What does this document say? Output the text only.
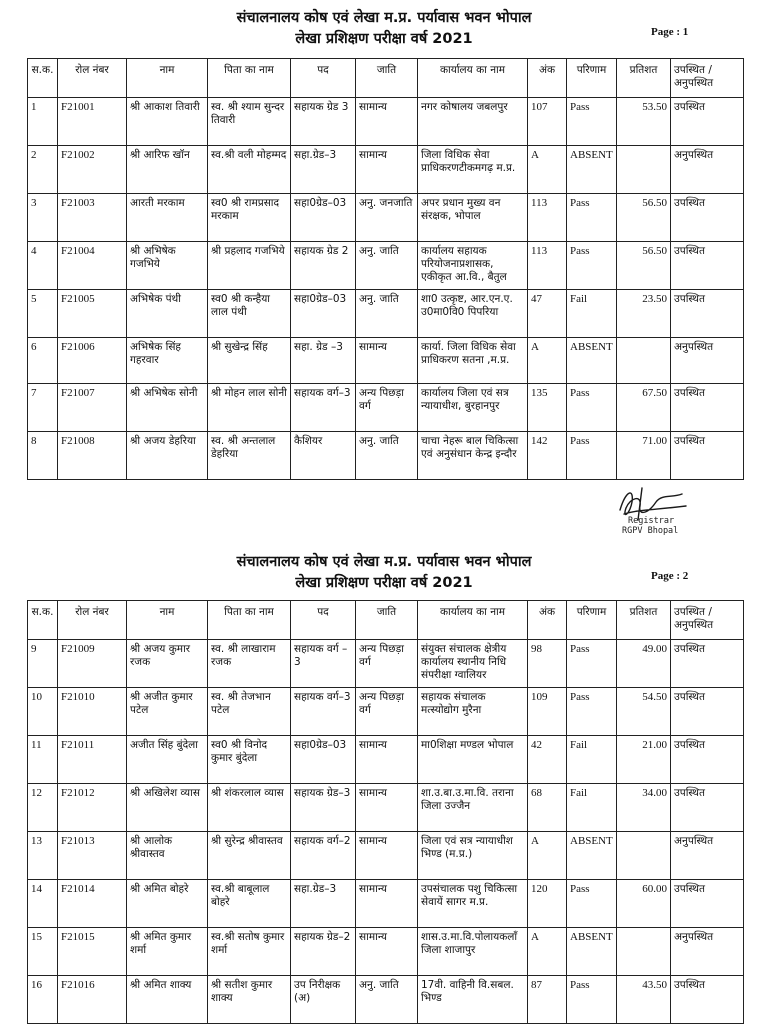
संचालनालय कोष एवं लेखा म.प्र. पर्यावास भवन भोपाल
लेखा प्रशिक्षण परीक्षा वर्ष 2021	Page : 1
स.क.	रोल नंबर	नाम	पिता का नाम	पद	जाति	कार्यालय का नाम	अंक	परिणाम	प्रतिशत	उपस्थित /अनुपस्थित
1	F21001	श्री आकाश तिवारी	स्व. श्री श्याम सुन्दर तिवारी	सहायक ग्रेड 3	सामान्य	नगर कोषालय जबलपुर	107	Pass	53.50	उपस्थित
2	F21002	श्री आरिफ खॉन	स्व.श्री वली मोहम्मद	सहा.ग्रेड–3	सामान्य	जिला विधिक सेवा प्राधिकरणटीकमगढ़ म.प्र.	A	ABSENT		अनुपस्थित
3	F21003	आरती मरकाम	स्व0 श्री रामप्रसाद मरकाम	सहा0ग्रेड–03	अनु. जनजाति	अपर प्रधान मुख्य वन संरक्षक, भोपाल	113	Pass	56.50	उपस्थित
4	F21004	श्री अभिषेक गजभिये	श्री प्रहलाद गजभिये	सहायक ग्रेड 2	अनु. जाति	कार्यालय सहायक परियोजनाप्रशासक, एकीकृत आ.वि., बैतुल	113	Pass	56.50	उपस्थित
5	F21005	अभिषेक पंथी	स्व0 श्री कन्हैया लाल पंथी	सहा0ग्रेड–03	अनु. जाति	शा0 उत्कृष्ट, आर.एन.ए. उ0मा0वि0 पिपरिया	47	Fail	23.50	उपस्थित
6	F21006	अभिषेक सिंह गहरवार	श्री सुखेन्द्र सिंह	सहा. ग्रेड –3	सामान्य	कार्या. जिला विधिक सेवा प्राधिकरण सतना ,म.प्र.	A	ABSENT		अनुपस्थित
7	F21007	श्री अभिषेक सोनी	श्री मोहन लाल सोनी	सहायक वर्ग–3	अन्य पिछड़ा वर्ग	कार्यालय जिला एवं सत्र न्यायाधीश, बुरहानपुर	135	Pass	67.50	उपस्थित
8	F21008	श्री अजय डेहरिया	स्व. श्री अन्तलाल डेहरिया	कैशियर	अनु. जाति	चाचा नेहरू बाल चिकित्सा एवं अनुसंधान केन्द्र इन्दौर	142	Pass	71.00	उपस्थित
Registrar
RGPV Bhopal
संचालनालय कोष एवं लेखा म.प्र. पर्यावास भवन भोपाल
लेखा प्रशिक्षण परीक्षा वर्ष 2021	Page : 2
स.क.	रोल नंबर	नाम	पिता का नाम	पद	जाति	कार्यालय का नाम	अंक	परिणाम	प्रतिशत	उपस्थित /अनुपस्थित
9	F21009	श्री अजय कुमार रजक	स्व. श्री लाखाराम रजक	सहायक वर्ग –3	अन्य पिछड़ा वर्ग	संयुक्त संचालक क्षेत्रीय कार्यालय स्थानीय निधि संपरीक्षा ग्वालियर	98	Pass	49.00	उपस्थित
10	F21010	श्री अजीत कुमार पटेल	स्व. श्री तेजभान पटेल	सहायक वर्ग–3	अन्य पिछड़ा वर्ग	सहायक संचालक मत्स्योद्योग मुरैना	109	Pass	54.50	उपस्थित
11	F21011	अजीत सिंह बुंदेला	स्व0 श्री विनोद कुमार बुंदेला	सहा0ग्रेड–03	सामान्य	मा0शिक्षा मण्डल भोपाल	42	Fail	21.00	उपस्थित
12	F21012	श्री अखिलेश व्यास	श्री शंकरलाल व्यास	सहायक ग्रेड–3	सामान्य	शा.उ.बा.उ.मा.वि. तराना जिला उज्जैन	68	Fail	34.00	उपस्थित
13	F21013	श्री आलोक श्रीवास्तव	श्री सुरेन्द्र श्रीवास्तव	सहायक वर्ग–2	सामान्य	जिला एवं सत्र न्यायाधीश भिण्ड (म.प्र.)	A	ABSENT		अनुपस्थित
14	F21014	श्री अमित बोहरे	स्व.श्री बाबूलाल बोहरे	सहा.ग्रेड–3	सामान्य	उपसंचालक पशु चिकित्सा सेवायें सागर म.प्र.	120	Pass	60.00	उपस्थित
15	F21015	श्री अमित कुमार शर्मा	स्व.श्री सतोष कुमार शर्मा	सहायक ग्रेड–2	सामान्य	शास.उ.मा.वि.पोलायकलाँ जिला शाजापुर	A	ABSENT		अनुपस्थित
16	F21016	श्री अमित शाक्य	श्री सतीश कुमार शाक्य	उप निरीक्षक (अ)	अनु. जाति	17वी. वाहिनी वि.सबल. भिण्ड	87	Pass	43.50	उपस्थित
